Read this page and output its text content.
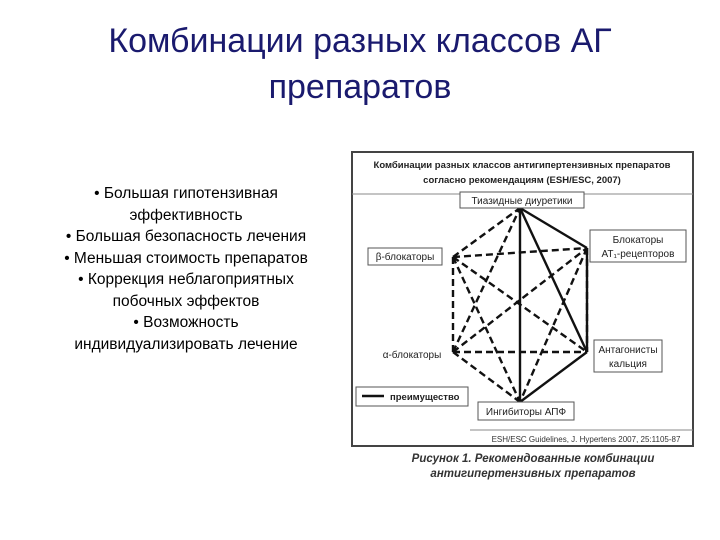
Комбинации разных классов АГ
препаратов
• Большая гипотензивная
эффективность
• Большая безопасность лечения
• Меньшая стоимость препаратов
• Коррекция неблагоприятных
побочных эффектов
• Возможность
индивидуализировать лечение
Комбинации разных классов антигипертензивных препаратов
согласно рекомендациям (ESH/ESC, 2007)
Тиазидные диуретики
β-блокаторы
Блокаторы
АТ₁-рецепторов
α-блокаторы	Антагонисты
кальция
Ингибиторы АПФ
преимущество
ESH/ESC Guidelines, J. Hypertens 2007, 25:1105-87
Рисунок 1. Рекомендованные комбинации
антигипертензивных препаратов
